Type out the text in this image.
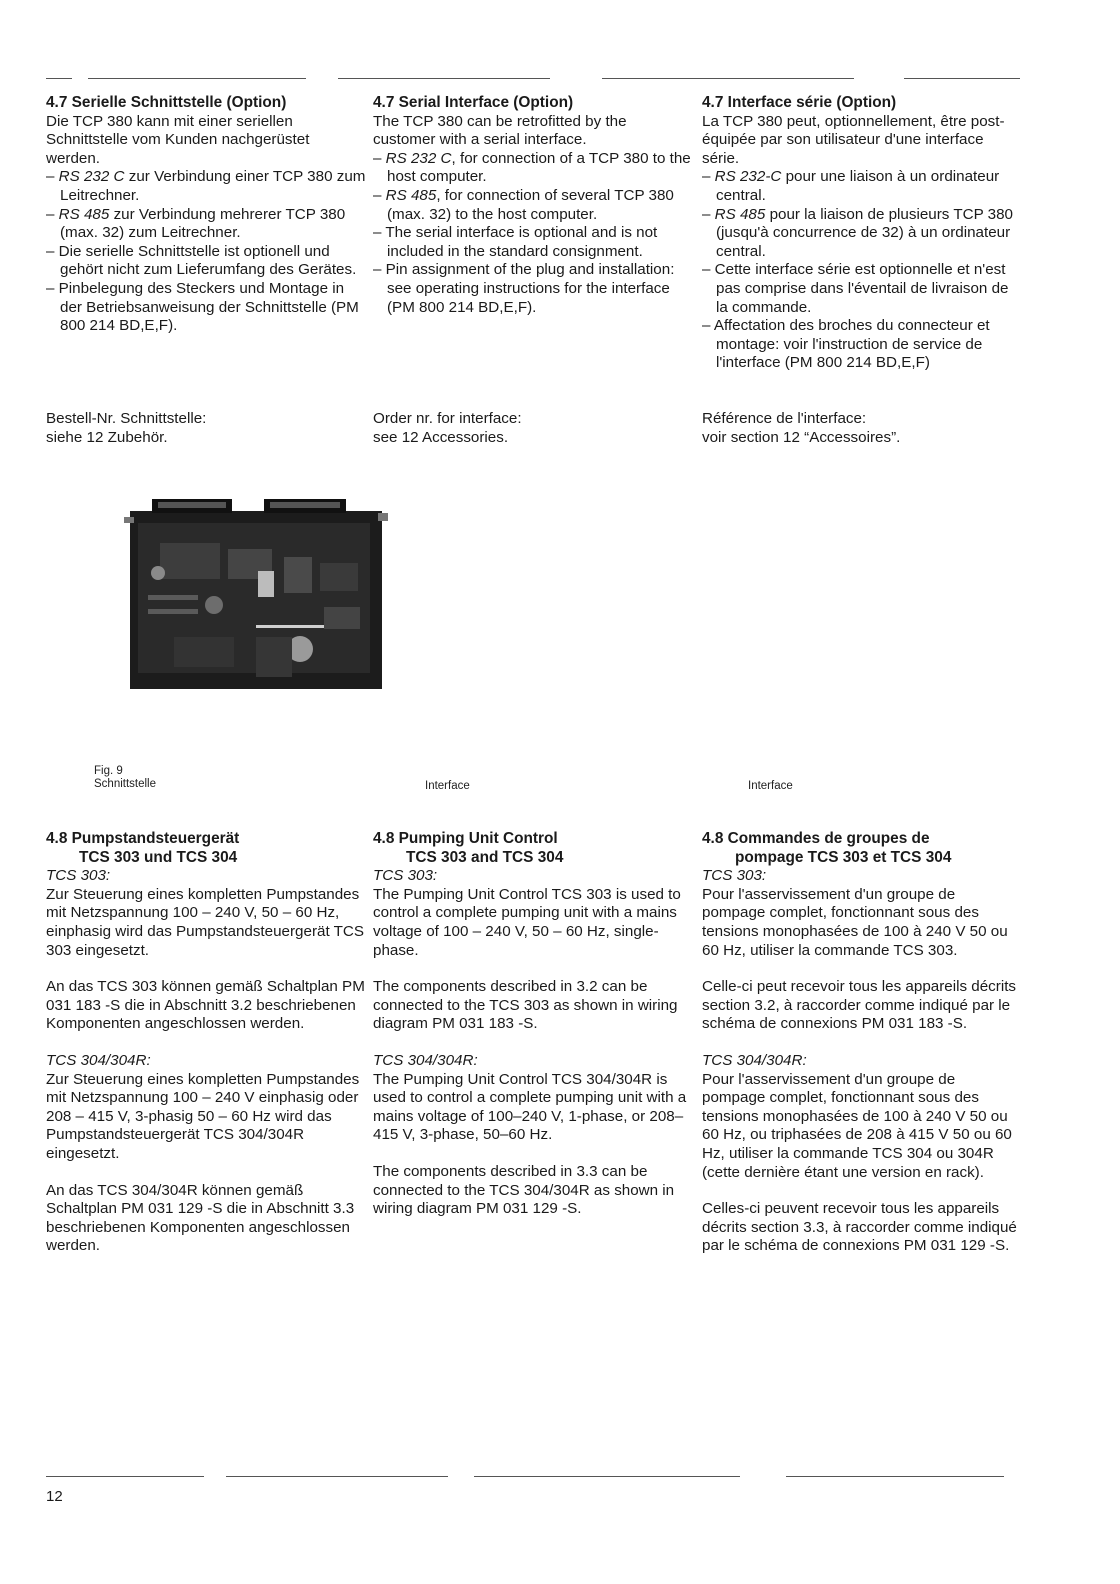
4.7 Serielle Schnittstelle (Option)

Die TCP 380 kann mit einer seriellen Schnittstelle vom Kunden nachgerüstet werden.

– RS 232 C zur Verbindung einer TCP 380 zum Leitrechner.
– RS 485 zur Verbindung mehrerer TCP 380 (max. 32) zum Leitrechner.
– Die serielle Schnittstelle ist optionell und gehört nicht zum Lieferumfang des Gerätes.
– Pinbelegung des Steckers und Montage in der Betriebsanweisung der Schnittstelle (PM 800 214 BD,E,F).
4.7 Serial Interface (Option)

The TCP 380 can be retrofitted by the customer with a serial interface.

– RS 232 C, for connection of a TCP 380 to the host computer.
– RS 485, for connection of several TCP 380 (max. 32) to the host computer.
– The serial interface is optional and is not included in the standard consignment.
– Pin assignment of the plug and installation: see operating instructions for the interface (PM 800 214 BD,E,F).
4.7 Interface série (Option)

La TCP 380 peut, optionnellement, être post-équipée par son utilisateur d'une interface série.

– RS 232-C pour une liaison à un ordinateur central.
– RS 485 pour la liaison de plusieurs TCP 380 (jusqu'à concurrence de 32) à un ordinateur central.
– Cette interface série est optionnelle et n'est pas comprise dans l'éventail de livraison de la commande.
– Affectation des broches du connecteur et montage: voir l'instruction de service de l'interface (PM 800 214 BD,E,F)

Bestell-Nr. Schnittstelle:

siehe 12 Zubehör.

Order nr. for interface:

see 12 Accessories.

Référence de l'interface:

voir section 12 “Accessoires”.

Fig. 9
Schnittstelle	Interface	Interface
4.8 Pumpstandsteuergerät
TCS 303 und TCS 304

TCS 303:

Zur Steuerung eines kompletten Pumpstandes mit Netzspannung 100 – 240 V, 50 – 60 Hz, einphasig wird das Pumpstandsteuergerät TCS 303 eingesetzt.

An das TCS 303 können gemäß Schaltplan PM 031 183 -S die in Abschnitt 3.2 beschriebenen Komponenten angeschlossen werden.

TCS 304/304R:

Zur Steuerung eines kompletten Pumpstandes mit Netzspannung 100 – 240 V einphasig oder 208 – 415 V, 3-phasig 50 – 60 Hz wird das Pumpstandsteuergerät TCS 304/304R eingesetzt.

An das TCS 304/304R können gemäß Schaltplan PM 031 129 -S die in Abschnitt 3.3 beschriebenen Komponenten angeschlossen werden.

4.8 Pumping Unit Control
TCS 303 and TCS 304

TCS 303:

The Pumping Unit Control TCS 303 is used to control a complete pumping unit with a mains voltage of 100 – 240 V, 50 – 60 Hz, single-phase.

The components described in 3.2 can be connected to the TCS 303 as shown in wiring diagram PM 031 183 -S.

TCS 304/304R:

The Pumping Unit Control TCS 304/304R is used to control a complete pumping unit with a mains voltage of 100–240 V, 1-phase, or 208–415 V, 3-phase, 50–60 Hz.

The components described in 3.3 can be connected to the TCS 304/304R as shown in wiring diagram PM 031 129 -S.

4.8 Commandes de groupes de
pompage TCS 303 et TCS 304

TCS 303:

Pour l'asservissement d'un groupe de pompage complet, fonctionnant sous des tensions monophasées de 100 à 240 V 50 ou 60 Hz, utiliser la commande TCS 303.

Celle-ci peut recevoir tous les appareils décrits section 3.2, à raccorder comme indiqué par le schéma de connexions PM 031 183 -S.

TCS 304/304R:

Pour l'asservissement d'un groupe de pompage complet, fonctionnant sous des tensions monophasées de 100 à 240 V 50 ou 60 Hz, ou triphasées de 208 à 415 V 50 ou 60 Hz, utiliser la commande TCS 304 ou 304R (cette dernière étant une version en rack).

Celles-ci peuvent recevoir tous les appareils décrits section 3.3, à raccorder comme indiqué par le schéma de connexions PM 031 129 -S.

12
